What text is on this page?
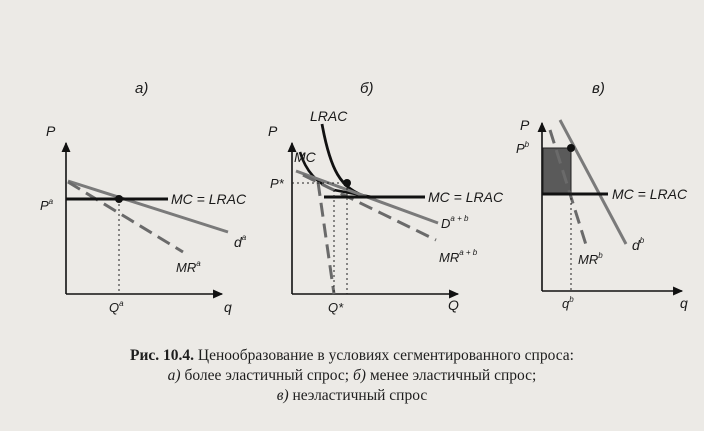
а)
P
q
$P^a$	MC = LRAC
$d^a$
$MR^a$
$Q^a$
б)
P
Q
LRAC
MC
P*
MC = LRAC
$D^{a + b}$
$MR^{a + b}$
Q*
в)
P
q
$P^b$
MC = LRAC
$d^b$
$MR^b$
$q^b$
Рис. 10.4. Ценообразование в условиях сегментированного спроса:
а) более эластичный спрос; б) менее эластичный спрос;
в) неэластичный спрос
